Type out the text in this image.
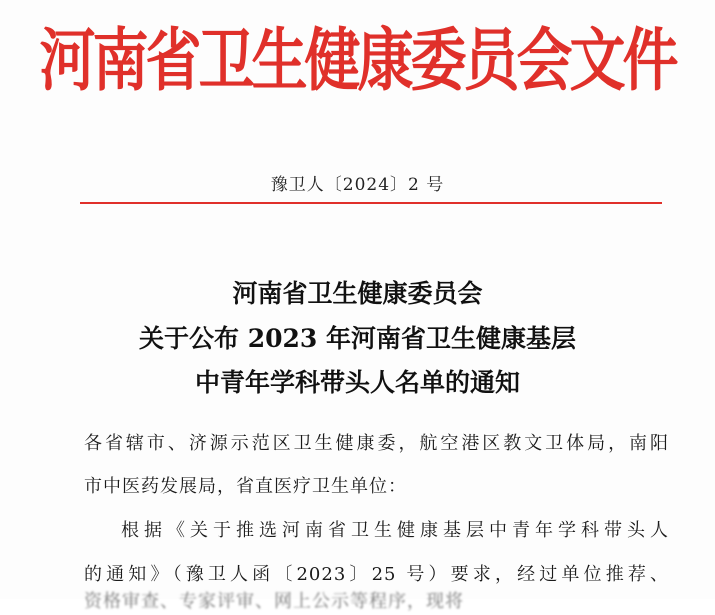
河南省卫生健康委员会文件
豫卫人〔2024〕2 号
河南省卫生健康委员会
关于公布 2023 年河南省卫生健康基层
中青年学科带头人名单的通知
各省辖市、济源示范区卫生健康委，航空港区教文卫体局，南阳
市中医药发展局，省直医疗卫生单位：
根据《关于推选河南省卫生健康基层中青年学科带头人
的通知》（豫卫人函〔2023〕25 号）要求，经过单位推荐、
资格审查、专家评审、网上公示等程序，现将
